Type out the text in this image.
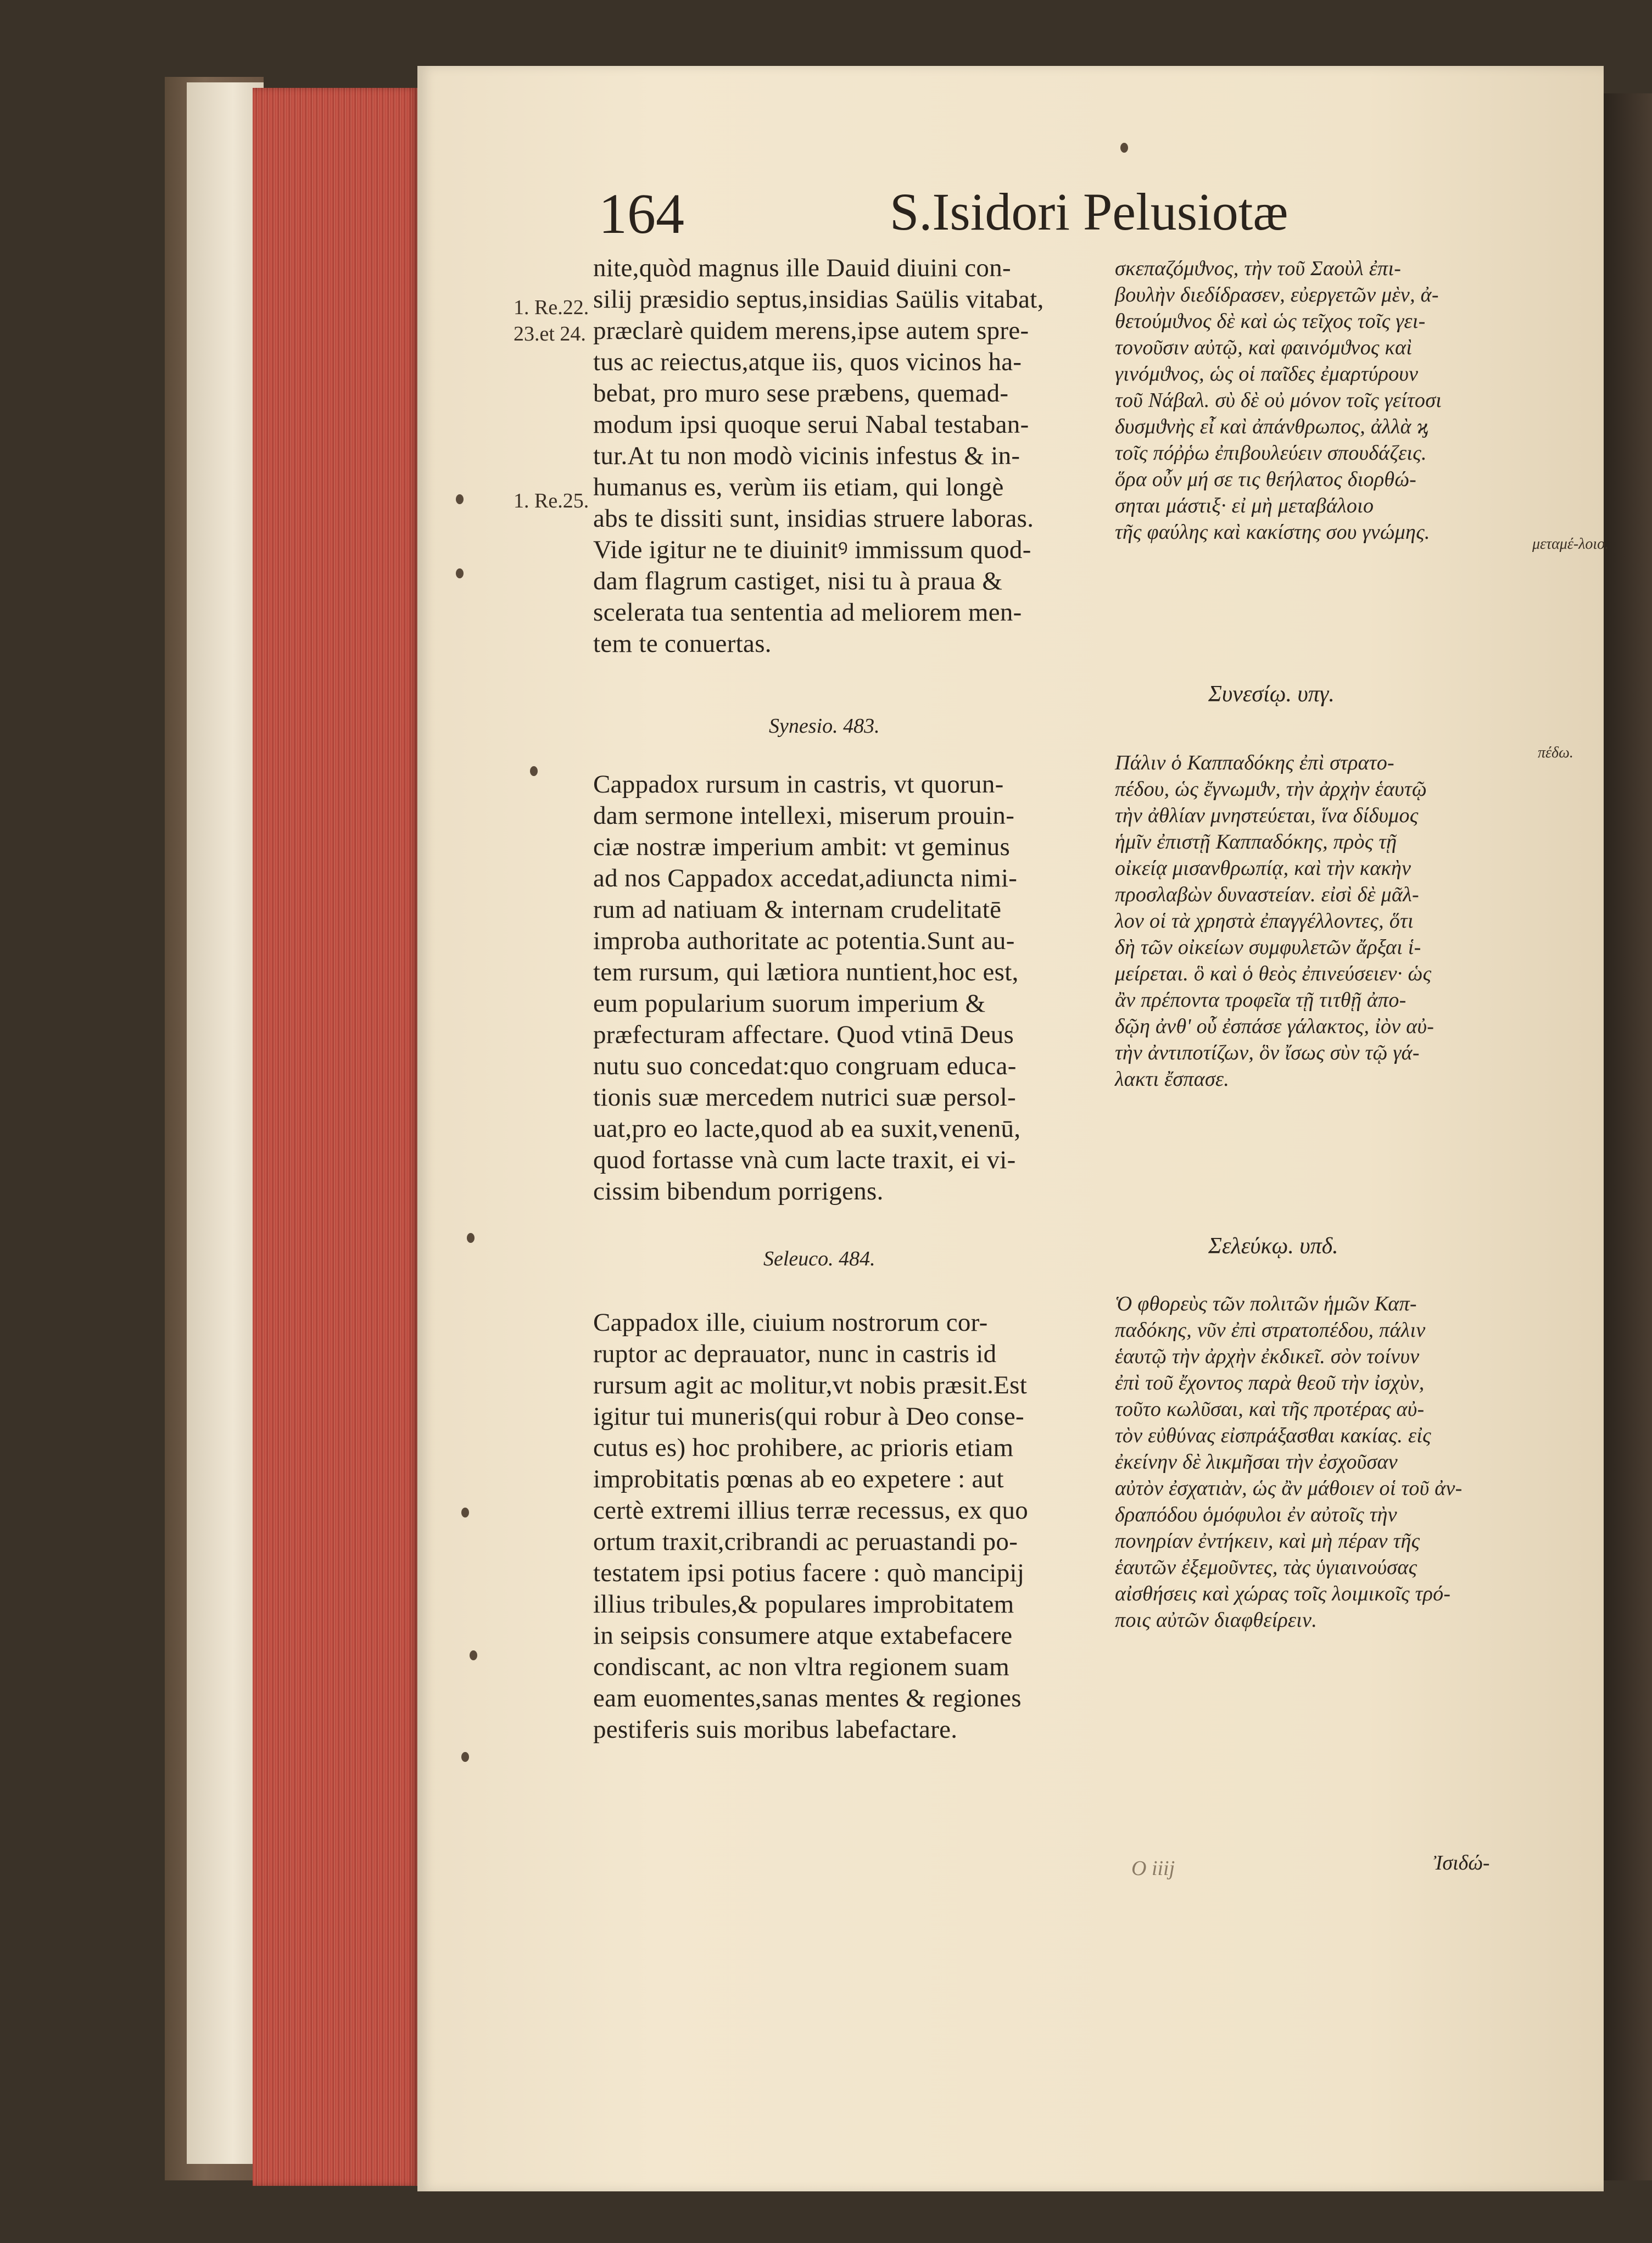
164	S.Isidori Pelusiotæ
1. Re.22.
23.et 24.
1. Re.25.
nite,quòd magnus ille Dauid diuini con-
silij præsidio septus,insidias Saülis vitabat,
præclarè quidem merens,ipse autem spre-
tus ac reiectus,atque iis, quos vicinos ha-
bebat, pro muro sese præbens, quemad-
modum ipsi quoque serui Nabal testaban-
tur.At tu non modò vicinis infestus & in-
humanus es, verùm iis etiam, qui longè
abs te dissiti sunt, insidias struere laboras.
Vide igitur ne te diuinitꝰ immissum quod-
dam flagrum castiget, nisi tu à praua &
scelerata tua sententia ad meliorem men-
tem te conuertas.
σκεπαζόμϑνος, τὴν τοῦ Σαοὺλ ἐπι-
βουλὴν διεδίδρασεν, εὐεργετῶν μὲν, ἀ-
θετούμϑνος δὲ καὶ ὡς τεῖχος τοῖς γει-
τονοῦσιν αὐτῷ, καὶ φαινόμϑνος καὶ
γινόμϑνος, ὡς οἱ παῖδες ἐμαρτύρουν
τοῦ Νάβαλ. σὺ δὲ οὐ μόνον τοῖς γείτοσι
δυσμϑνὴς εἶ καὶ ἀπάνθρωπος, ἀλλὰ ϗ
τοῖς πόῤῥω ἐπιβουλεύειν σπουδάζεις.
ὅρα οὖν μή σε τις θεήλατος διορθώ-
σηται μάστιξ· εἰ μὴ μεταβάλοιο
τῆς φαύλης καὶ κακίστης σου γνώμης.
μεταμέ-λοιο.
Synesio. 483.
Συνεσίῳ. υπγ.
Cappadox rursum in castris, vt quorun-
dam sermone intellexi, miserum prouin-
ciæ nostræ imperium ambit: vt geminus
ad nos Cappadox accedat,adiuncta nimi-
rum ad natiuam & internam crudelitatē
improba authoritate ac potentia.Sunt au-
tem rursum, qui lætiora nuntient,hoc est,
eum popularium suorum imperium &
præfecturam affectare. Quod vtinā Deus
nutu suo concedat:quo congruam educa-
tionis suæ mercedem nutrici suæ persol-
uat,pro eo lacte,quod ab ea suxit,venenū,
quod fortasse vnà cum lacte traxit, ei vi-
cissim bibendum porrigens.
Πάλιν ὁ Καππαδόκης ἐπὶ στρατο-
πέδου, ὡς ἔγνωμϑν, τὴν ἀρχὴν ἑαυτῷ
τὴν ἀθλίαν μνηστεύεται, ἵνα δίδυμος
ἡμῖν ἐπιστῇ Καππαδόκης, πρὸς τῇ
οἰκείᾳ μισανθρωπίᾳ, καὶ τὴν κακὴν
προσλαβὼν δυναστείαν. εἰσὶ δὲ μᾶλ-
λον οἱ τὰ χρηστὰ ἐπαγγέλλοντες, ὅτι
δὴ τῶν οἰκείων συμφυλετῶν ἄρξαι ἱ-
μείρεται. ὃ καὶ ὁ θεὸς ἐπινεύσειεν· ὡς
ἂν πρέποντα τροφεῖα τῇ τιτθῇ ἀπο-
δῷη ἀνθ' οὗ ἐσπάσε γάλακτος, ἰὸν αὐ-
τὴν ἀντιποτίζων, ὃν ἴσως σὺν τῷ γά-
λακτι ἔσπασε.
πέδω.
Seleuco. 484.	Σελεύκῳ. υπδ.
Cappadox ille, ciuium nostrorum cor-
ruptor ac deprauator, nunc in castris id
rursum agit ac molitur,vt nobis præsit.Est
igitur tui muneris(qui robur à Deo conse-
cutus es) hoc prohibere, ac prioris etiam
improbitatis pœnas ab eo expetere : aut
certè extremi illius terræ recessus, ex quo
ortum traxit,cribrandi ac peruastandi po-
testatem ipsi potius facere : quò mancipij
illius tribules,& populares improbitatem
in seipsis consumere atque extabefacere
condiscant, ac non vltra regionem suam
eam euomentes,sanas mentes & regiones
pestiferis suis moribus labefactare.
Ὁ φθορεὺς τῶν πολιτῶν ἡμῶν Καπ-
παδόκης, νῦν ἐπὶ στρατοπέδου, πάλιν
ἑαυτῷ τὴν ἀρχὴν ἐκδικεῖ. σὸν τοίνυν
ἐπὶ τοῦ ἔχοντος παρὰ θεοῦ τὴν ἰσχὺν,
τοῦτο κωλῦσαι, καὶ τῆς προτέρας αὐ-
τὸν εὐθύνας εἰσπράξασθαι κακίας. εἰς
ἐκείνην δὲ λικμῆσαι τὴν ἐσχοῦσαν
αὐτὸν ἐσχατιὰν, ὡς ἂν μάθοιεν οἱ τοῦ ἀν-
δραπόδου ὁμόφυλοι ἐν αὐτοῖς τὴν
πονηρίαν ἐντήκειν, καὶ μὴ πέραν τῆς
ἑαυτῶν ἐξεμοῦντες, τὰς ὑγιαινούσας
αἰσθήσεις καὶ χώρας τοῖς λοιμικοῖς τρό-
ποις αὐτῶν διαφθείρειν.
O iiij	Ἰσιδώ-
